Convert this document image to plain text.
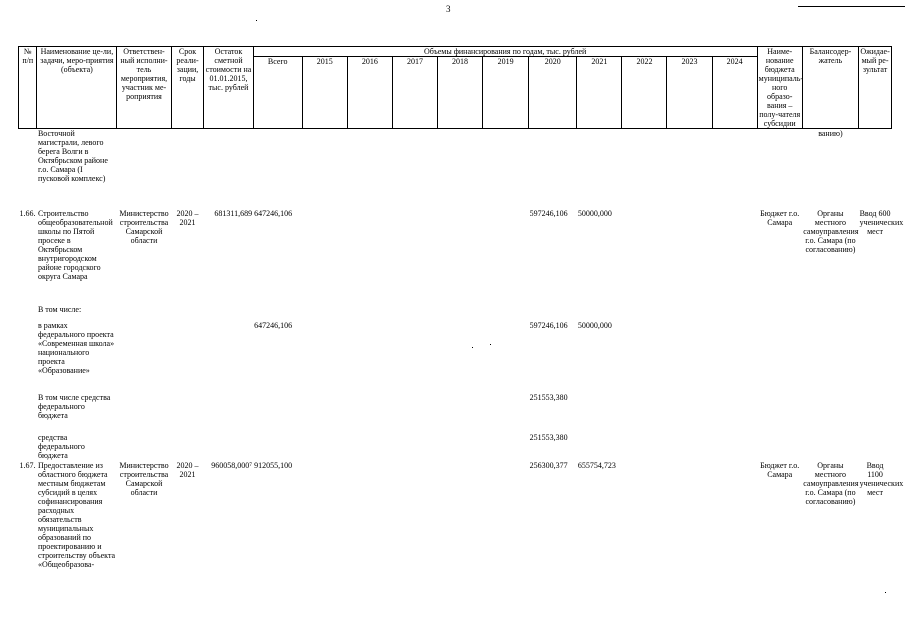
3
№ п/п	Наименование це-ли, задачи, меро-приятия (объекта)	Ответствен-ный исполни-тель мероприятия, участник ме-роприятия	Срок реали-зации, годы	Остаток сметной стоимости на 01.01.2015, тыс. рублей	Объемы финансирования по годам, тыс. рублей											Наиме-нование бюджета муниципаль-ного образо-вания – полу-чателя субсидии	Балансодер-жатель	Ожидае-мый ре-зультат
					Всего	2015	2016	2017	2018	2019	2020	2021	2022	2023	2024			
	Восточной магистрали, левого берега Волги в Октябрьском районе г.о. Самара (I пусковой комплекс)																ванию)	
1.66.	Строительство общеобразовательной школы по Пятой просеке в Октябрьском внутригородском районе городского округа Самара	Министерство строительства Самарской области	2020 – 2021	681311,689	647246,106						597246,106	50000,000				Бюджет г.о. Самара	Органы местного самоуправления г.о. Самара (по согласованию)	Ввод 600 ученических мест
	В том числе:																	
	в рамках федерального проекта «Современная школа» национального проекта «Образование»				647246,106						597246,106	50000,000						
	В том числе средства федерального бюджета										251553,380							
	средства федерального бюджета										251553,380							
1.67.	Предоставление из областного бюджета местным бюджетам субсидий в целях софинансирования расходных обязательств муниципальных образований по проектированию и строительству объекта «Общеобразова-	Министерство строительства Самарской области	2020 – 2021	960058,000⁷	912055,100						256300,377	655754,723				Бюджет г.о. Самара	Органы местного самоуправления г.о. Самара (по согласованию)	Ввод 1100 ученических мест
